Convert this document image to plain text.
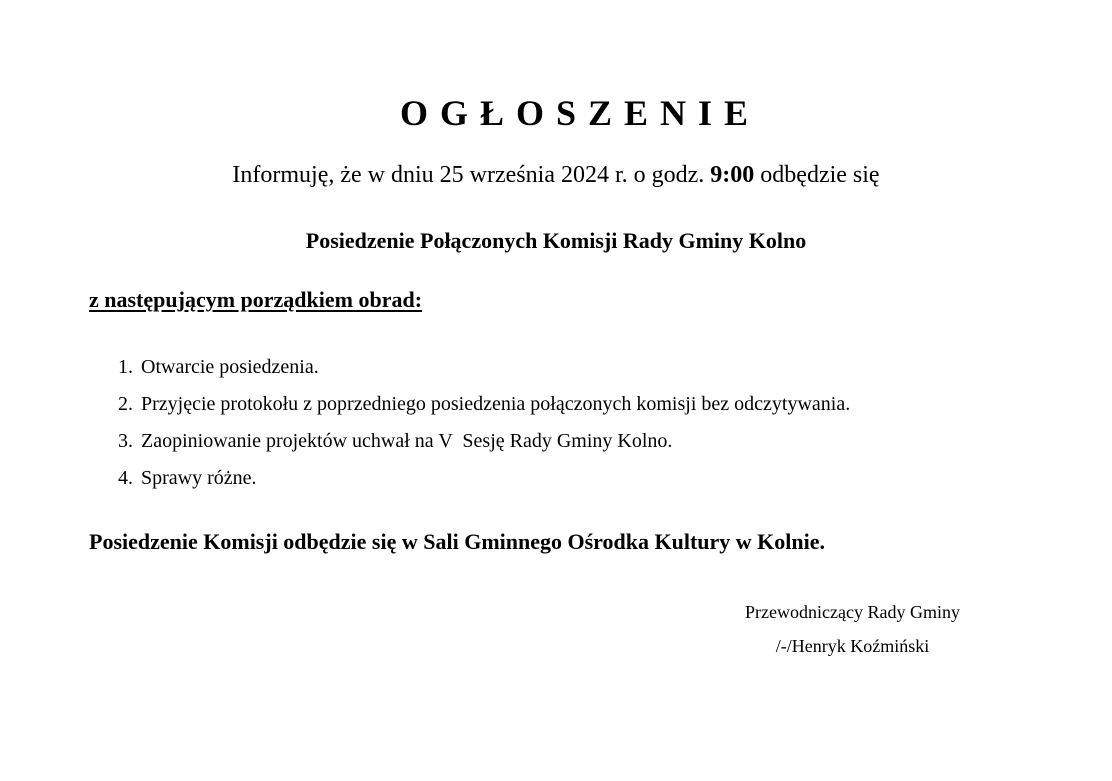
OGŁOSZENIE

Informuję, że w dniu 25 września 2024 r. o godz. 9:00 odbędzie się

Posiedzenie Połączonych Komisji Rady Gminy Kolno

z następującym porządkiem obrad:

1. Otwarcie posiedzenia.
2. Przyjęcie protokołu z poprzedniego posiedzenia połączonych komisji bez odczytywania.
3. Zaopiniowanie projektów uchwał na V  Sesję Rady Gminy Kolno.
4. Sprawy różne.

Posiedzenie Komisji odbędzie się w Sali Gminnego Ośrodka Kultury w Kolnie.

Przewodniczący Rady Gminy
/-/Henryk Koźmiński
